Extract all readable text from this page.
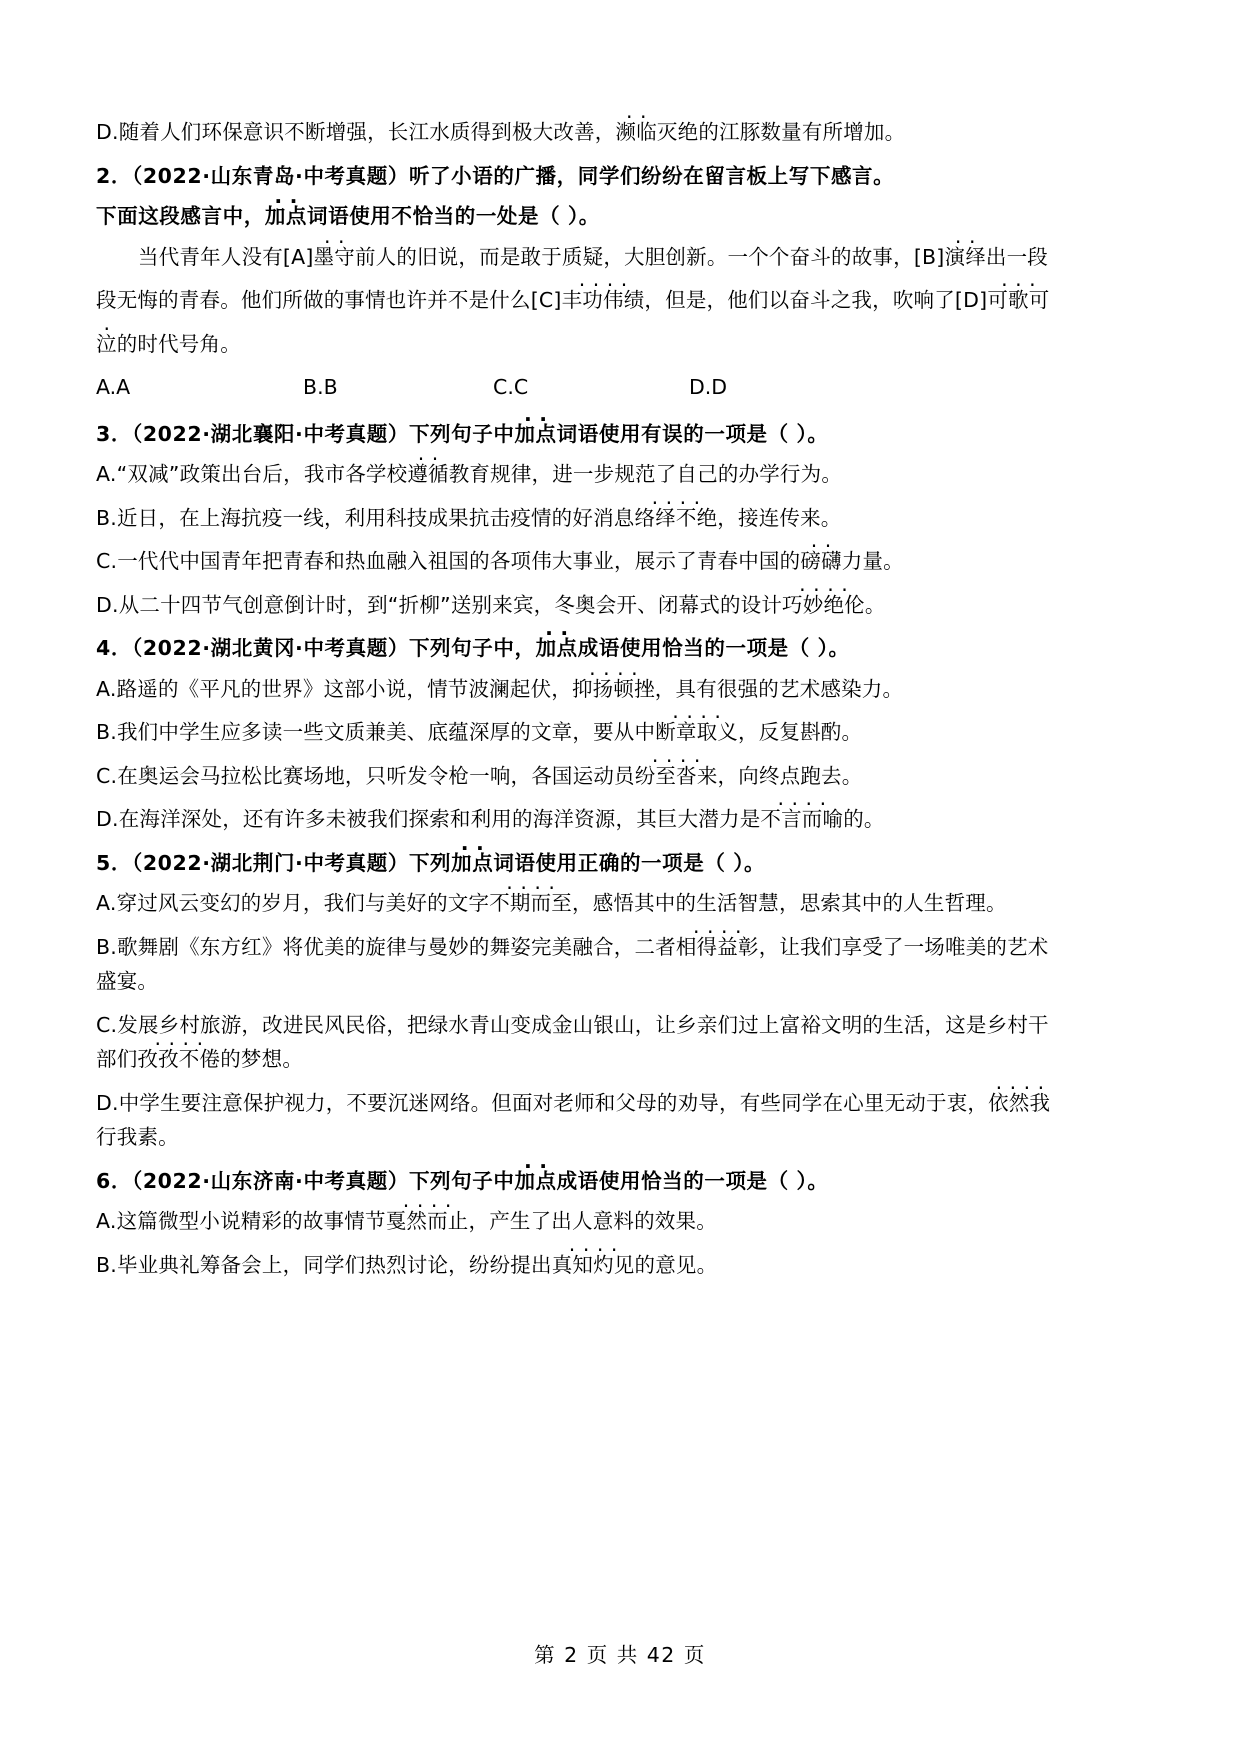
D.随着人们环保意识不断增强，长江水质得到极大改善，濒临 ··灭绝的江豚数量有所增加。
2．（2022·山东青岛·中考真题）听了小语的广播，同学们纷纷在留言板上写下感言。
下面这段感言中，加点 ··词语使用不恰当的一处是（ ）。
当代青年人没有[A]墨守 ··前人的旧说，而是敢于质疑，大胆创新。一个个奋斗的故事，[B]演绎 ··出一段
段无悔的青春。他们所做的事情也许并不是什么[C]丰功伟绩 ····，但是，他们以奋斗之我，吹响了[D]可歌可 ···
泣的时代号角。
A.A	B.B	C.C	D.D
3．（2022·湖北襄阳·中考真题）下列句子中加点 ··词语使用有误的一项是（ ）。
A.“双减”政策出台后，我市各学校遵循 ··教育规律，进一步规范了自己的办学行为。
B.近日，在上海抗疫一线，利用科技成果抗击疫情的好消息络绎不绝 ····，接连传来。
C.一代代中国青年把青春和热血融入祖国的各项伟大事业，展示了青春中国的磅礴 ··力量。
D.从二十四节气创意倒计时，到“折柳”送别来宾，冬奥会开、闭幕式的设计巧妙绝伦 ····。
4．（2022·湖北黄冈·中考真题）下列句子中，加点 ··成语使用恰当的一项是（ ）。
A.路遥的《平凡的世界》这部小说，情节波澜起伏，抑扬顿挫 ····，具有很强的艺术感染力。
B.我们中学生应多读一些文质兼美、底蕴深厚的文章，要从中断章取义 ····，反复斟酌。
C.在奥运会马拉松比赛场地，只听发令枪一响，各国运动员纷至沓来 ····，向终点跑去。
D.在海洋深处，还有许多未被我们探索和利用的海洋资源，其巨大潜力是不言而喻 ····的。
5．（2022·湖北荆门·中考真题）下列加点 ··词语使用正确的一项是（ ）。
A.穿过风云变幻的岁月，我们与美好的文字不期而至 ····，感悟其中的生活智慧，思索其中的人生哲理。
B.歌舞剧《东方红》将优美的旋律与曼妙的舞姿完美融合，二者相得益彰 ····，让我们享受了一场唯美的艺术
盛宴。
C.发展乡村旅游，改进民风民俗，把绿水青山变成金山银山，让乡亲们过上富裕文明的生活，这是乡村干
部们孜孜不倦 ····的梦想。
D.中学生要注意保护视力，不要沉迷网络。但面对老师和父母的劝导，有些同学在心里无动于衷，依然我 ····
行我素。
6．（2022·山东济南·中考真题）下列句子中加点 ··成语使用恰当的一项是（ ）。
A.这篇微型小说精彩的故事情节戛然而止 ····，产生了出人意料的效果。
B.毕业典礼筹备会上，同学们热烈讨论，纷纷提出真知灼见 ····的意见。
第 2 页 共 42 页
